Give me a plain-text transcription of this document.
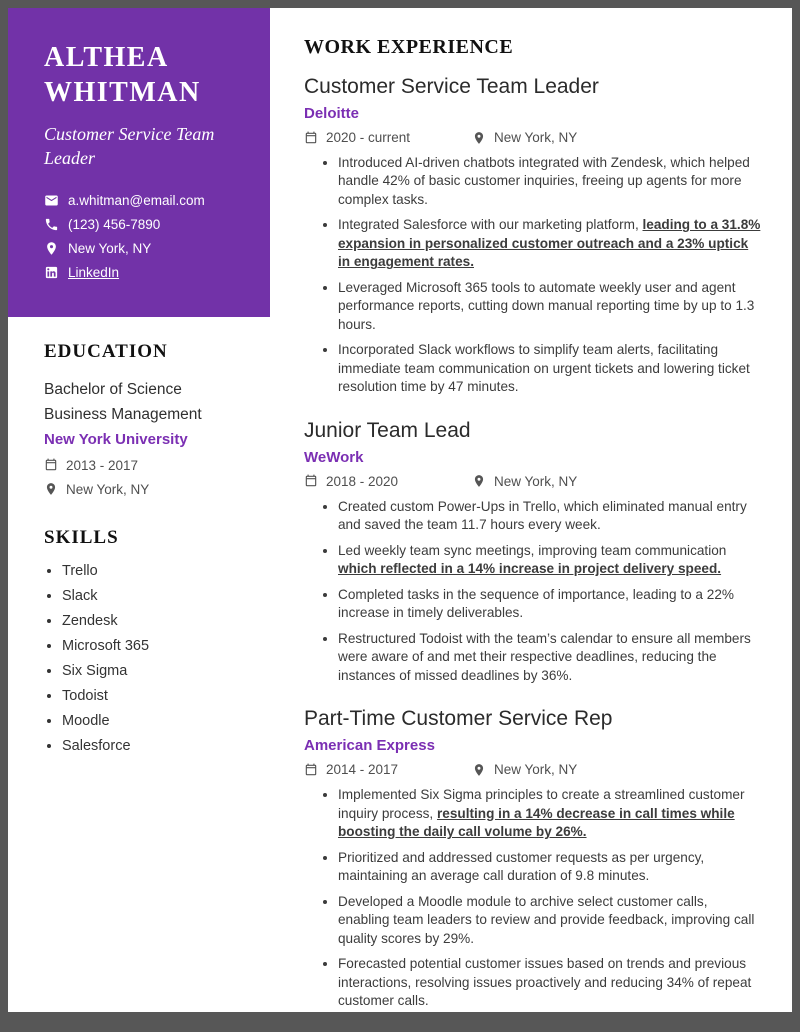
ALTHEA WHITMAN
Customer Service Team Leader
a.whitman@email.com
(123) 456-7890
New York, NY
LinkedIn
EDUCATION
Bachelor of Science
Business Management
New York University
2013 - 2017
New York, NY
SKILLS
• Trello
• Slack
• Zendesk
• Microsoft 365
• Six Sigma
• Todoist
• Moodle
• Salesforce
WORK EXPERIENCE
Customer Service Team Leader
Deloitte
2020 - current	New York, NY
• Introduced AI-driven chatbots integrated with Zendesk, which helped handle 42% of basic customer inquiries, freeing up agents for more complex tasks.
• Integrated Salesforce with our marketing platform, leading to a 31.8% expansion in personalized customer outreach and a 23% uptick in engagement rates.
• Leveraged Microsoft 365 tools to automate weekly user and agent performance reports, cutting down manual reporting time by up to 1.3 hours.
• Incorporated Slack workflows to simplify team alerts, facilitating immediate team communication on urgent tickets and lowering ticket resolution time by 47 minutes.
Junior Team Lead
WeWork
2018 - 2020	New York, NY
• Created custom Power-Ups in Trello, which eliminated manual entry and saved the team 11.7 hours every week.
• Led weekly team sync meetings, improving team communication which reflected in a 14% increase in project delivery speed.
• Completed tasks in the sequence of importance, leading to a 22% increase in timely deliverables.
• Restructured Todoist with the team’s calendar to ensure all members were aware of and met their respective deadlines, reducing the instances of missed deadlines by 36%.
Part-Time Customer Service Rep
American Express
2014 - 2017	New York, NY
• Implemented Six Sigma principles to create a streamlined customer inquiry process, resulting in a 14% decrease in call times while boosting the daily call volume by 26%.
• Prioritized and addressed customer requests as per urgency, maintaining an average call duration of 9.8 minutes.
• Developed a Moodle module to archive select customer calls, enabling team leaders to review and provide feedback, improving call quality scores by 29%.
• Forecasted potential customer issues based on trends and previous interactions, resolving issues proactively and reducing 34% of repeat customer calls.
